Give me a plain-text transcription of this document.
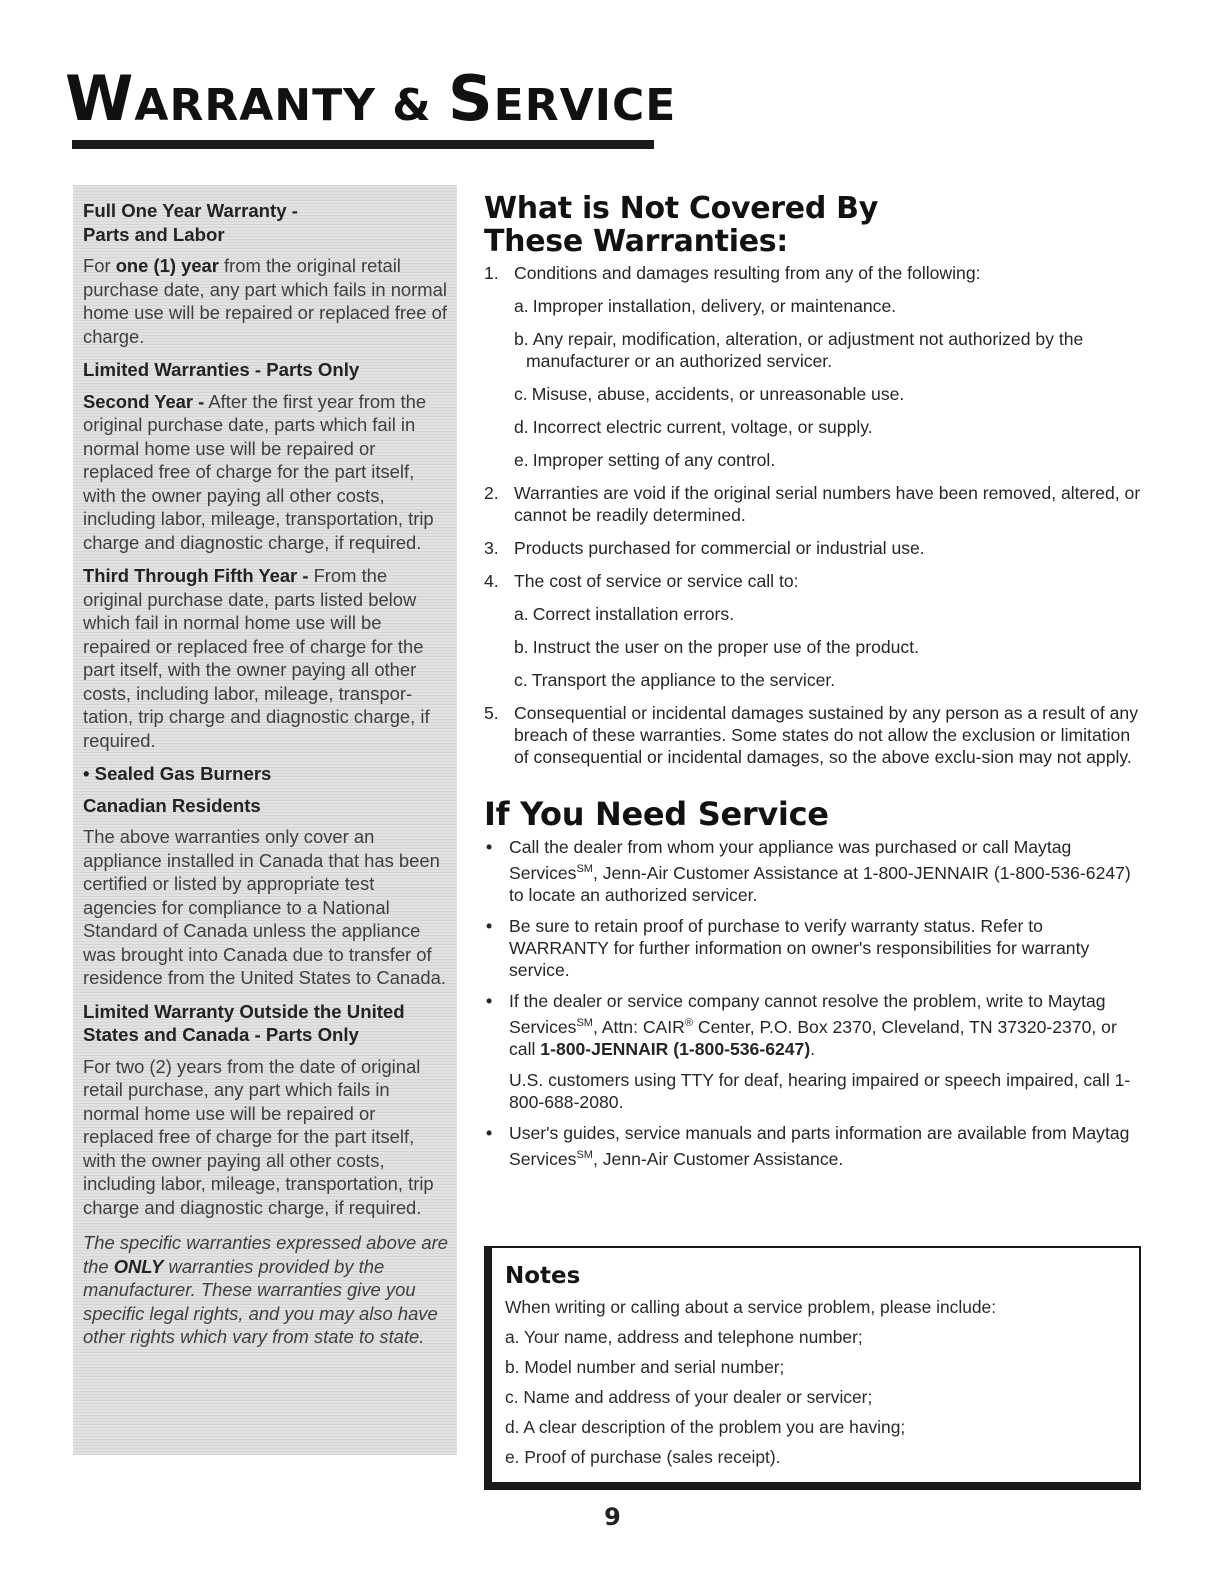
WARRANTY & SERVICE
Full One Year Warranty -
Parts and Labor

For one (1) year from the original retail purchase date, any part which fails in normal home use will be repaired or replaced free of charge.

Limited Warranties - Parts Only

Second Year - After the first year from the original purchase date, parts which fail in normal home use will be repaired or replaced free of charge for the part itself, with the owner paying all other costs, including labor, mileage, transportation, trip charge and diagnostic charge, if required.

Third Through Fifth Year - From the original purchase date, parts listed below which fail in normal home use will be repaired or replaced free of charge for the part itself, with the owner paying all other costs, including labor, mileage, transpor-tation, trip charge and diagnostic charge, if required.

• Sealed Gas Burners
Canadian Residents

The above warranties only cover an appliance installed in Canada that has been certified or listed by appropriate test agencies for compliance to a National Standard of Canada unless the appliance was brought into Canada due to transfer of residence from the United States to Canada.

Limited Warranty Outside the United States and Canada - Parts Only

For two (2) years from the date of original retail purchase, any part which fails in normal home use will be repaired or replaced free of charge for the part itself, with the owner paying all other costs, including labor, mileage, transportation, trip charge and diagnostic charge, if required.

The specific warranties expressed above are the ONLY warranties provided by the manufacturer. These warranties give you specific legal rights, and you may also have other rights which vary from state to state.

What is Not Covered By
These Warranties:
1. Conditions and damages resulting from any of the following:
a. Improper installation, delivery, or maintenance.
b. Any repair, modification, alteration, or adjustment not authorized by the manufacturer or an authorized servicer.
c. Misuse, abuse, accidents, or unreasonable use.
d. Incorrect electric current, voltage, or supply.
e. Improper setting of any control.
2. Warranties are void if the original serial numbers have been removed, altered, or cannot be readily determined.
3. Products purchased for commercial or industrial use.
4. The cost of service or service call to:
a. Correct installation errors.
b. Instruct the user on the proper use of the product.
c. Transport the appliance to the servicer.
5. Consequential or incidental damages sustained by any person as a result of any breach of these warranties. Some states do not allow the exclusion or limitation of consequential or incidental damages, so the above exclu-sion may not apply.
If You Need Service
• Call the dealer from whom your appliance was purchased or call Maytag Services℠, Jenn-Air Customer Assistance at 1-800-JENNAIR (1-800-536-6247) to locate an authorized servicer.
• Be sure to retain proof of purchase to verify warranty status. Refer to WARRANTY for further information on owner's responsibilities for warranty service.
• If the dealer or service company cannot resolve the problem, write to Maytag Services℠, Attn: CAIR® Center, P.O. Box 2370, Cleveland, TN 37320-2370, or call 1-800-JENNAIR (1-800-536-6247).
U.S. customers using TTY for deaf, hearing impaired or speech impaired, call 1-800-688-2080.
• User's guides, service manuals and parts information are available from Maytag Services℠, Jenn-Air Customer Assistance.
Notes
When writing or calling about a service problem, please include:
a. Your name, address and telephone number;
b. Model number and serial number;
c. Name and address of your dealer or servicer;
d. A clear description of the problem you are having;
e. Proof of purchase (sales receipt).
9
